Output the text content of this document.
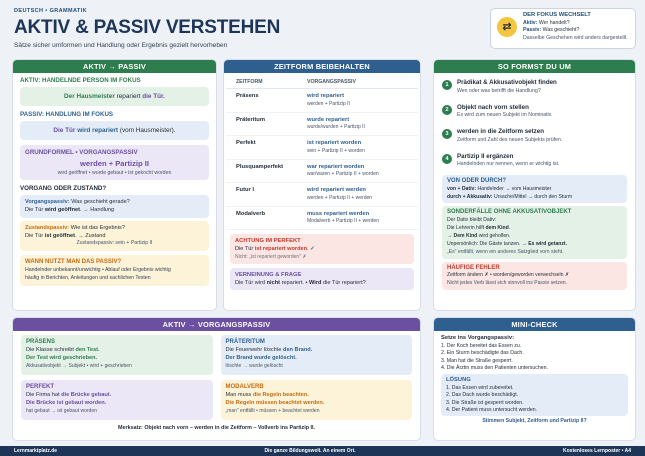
DEUTSCH • GRAMMATIK
AKTIV & PASSIV VERSTEHEN
Sätze sicher umformen und Handlung oder Ergebnis gezielt hervorheben
⇄
DER FOKUS WECHSELT
Aktiv: Wer handelt?
Passiv: Was geschieht?
Dasselbe Geschehen wird anders dargestellt.
AKTIV → PASSIV
AKTIV: HANDELNDE PERSON IM FOKUS
Der Hausmeister repariert die Tür.
PASSIV: HANDLUNG IM FOKUS
Die Tür wird repariert (vom Hausmeister).
GRUNDFORMEL • VORGANGSPASSIV
werden + Partizip II
wird geöffnet • wurde gebaut • ist gekocht worden
VORGANG ODER ZUSTAND?
Vorgangspassiv: Was geschieht gerade?
Die Tür wird geöffnet. → Handlung
Zustandspassiv: Wie ist das Ergebnis?
Die Tür ist geöffnet. → Zustand
Zustandspassiv: sein + Partizip II
WANN NUTZT MAN DAS PASSIV?
Handelnder unbekannt/unwichtig • Ablauf oder Ergebnis wichtig
häufig in Berichten, Anleitungen und sachlichen Texten
ZEITFORM BEIBEHALTEN
ZEITFORM	VORGANGSPASSIV
Präsens	wird repariert
werden + Partizip II
Präteritum	wurde repariert
wurde/wurden + Partizip II
Perfekt	ist repariert worden
sein + Partizip II + worden
Plusquamperfekt	war repariert worden
war/waren + Partizip II + worden
Futur I	wird repariert werden
werden + Partizip II + werden
Modalverb	muss repariert werden
Modalverb + Partizip II + werden
ACHTUNG IM PERFEKT
Die Tür ist repariert worden. ✓
Nicht: „ist repariert geworden" ✗
VERNEINUNG & FRAGE
Die Tür wird nicht repariert. • Wird die Tür repariert?
SO FORMST DU UM
1	Prädikat & Akkusativobjekt finden
Wen oder was betrifft die Handlung?
2	Objekt nach vorn stellen
Es wird zum neuen Subjekt im Nominativ.
3	werden in die Zeitform setzen
Zeitform und Zahl des neuen Subjekts prüfen.
4	Partizip II ergänzen
Handelnden nur nennen, wenn er wichtig ist.
VON ODER DURCH?
von + Dativ: Handelnder → vom Hausmeister
durch + Akkusativ: Ursache/Mittel → durch den Sturm
SONDERFÄLLE OHNE AKKUSATIVOBJEKT
Der Dativ bleibt Dativ:
Die Lehrerin hilft dem Kind.
→ Dem Kind wird geholfen.
Unpersönlich: Die Gäste tanzen. → Es wird getanzt.
„Es" entfällt, wenn ein anderes Satzglied vorn steht.
HÄUFIGE FEHLER
Zeitform ändern ✗ • worden/geworden verwechseln ✗
Nicht jedes Verb lässt sich sinnvoll ins Passiv setzen.
AKTIV → VORGANGSPASSIV
PRÄSENS
Die Klasse schreibt den Test.
Der Test wird geschrieben.
Akkusativobjekt → Subjekt • wird + geschrieben
PRÄTERITUM
Die Feuerwehr löschte den Brand.
Der Brand wurde gelöscht.
löschte → wurde gelöscht
PERFEKT
Die Firma hat die Brücke gebaut.
Die Brücke ist gebaut worden.
hat gebaut → ist gebaut worden
MODALVERB
Man muss die Regeln beachten.
Die Regeln müssen beachtet werden.
„man" entfällt • müssen + beachtet werden
Merksatz: Objekt nach vorn – werden in die Zeitform – Vollverb ins Partizip II.
MINI-CHECK
Setze ins Vorgangspassiv:
1. Der Koch bereitet das Essen zu.
2. Ein Sturm beschädigte das Dach.
3. Man hat die Straße gesperrt.
4. Die Ärztin muss den Patienten untersuchen.
LÖSUNG
1. Das Essen wird zubereitet.
2. Das Dach wurde beschädigt.
3. Die Straße ist gesperrt worden.
4. Der Patient muss untersucht werden.
Stimmen Subjekt, Zeitform und Partizip II?
Lernmarktplatz.de	Die ganze Bildungswelt. An einem Ort.	Kostenloses Lernposter • A4
